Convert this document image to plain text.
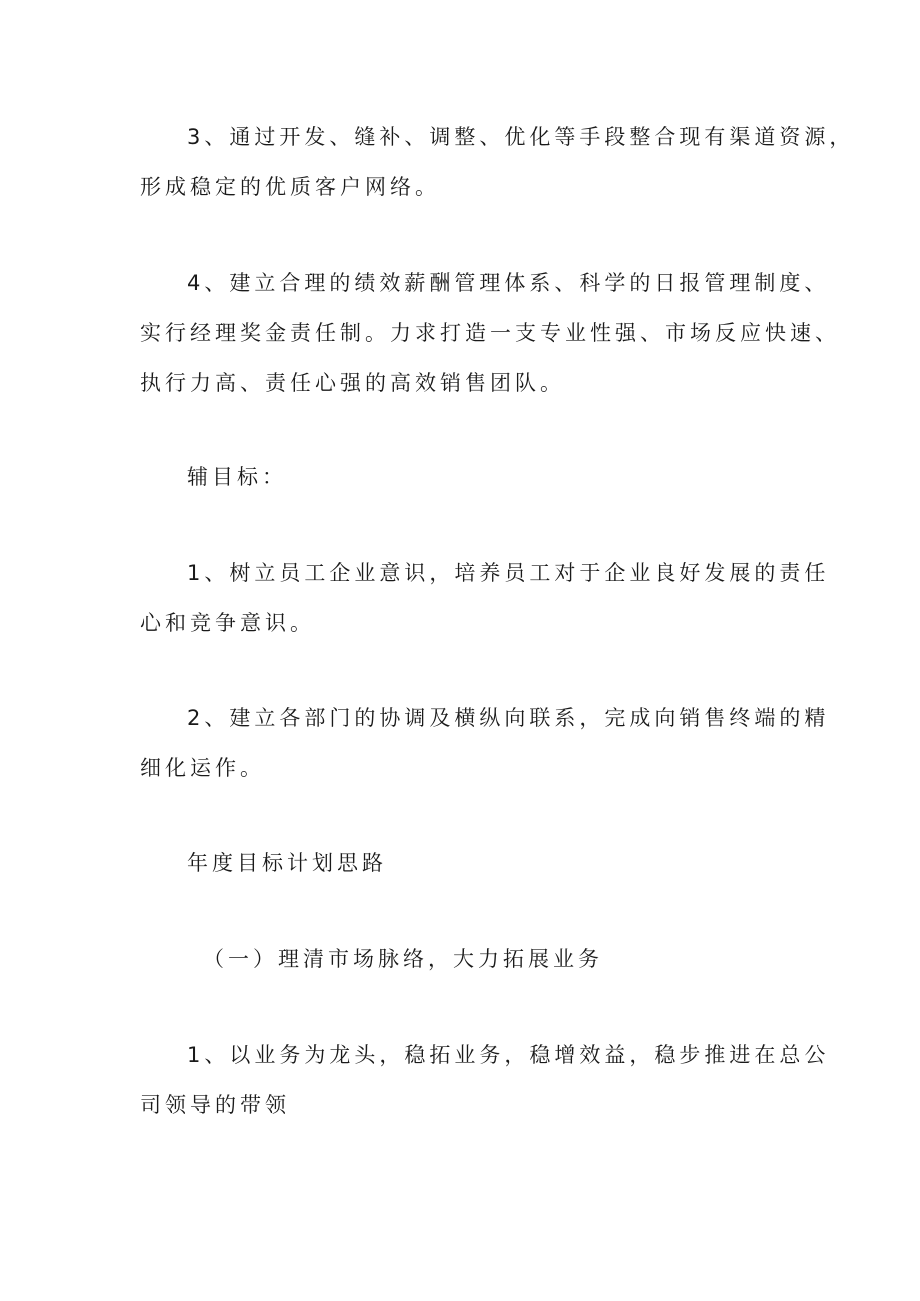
3、通过开发、缝补、调整、优化等手段整合现有渠道资源，
形成稳定的优质客户网络。

4、建立合理的绩效薪酬管理体系、科学的日报管理制度、
实行经理奖金责任制。力求打造一支专业性强、市场反应快速、
执行力高、责任心强的高效销售团队。

辅目标：

1、树立员工企业意识，培养员工对于企业良好发展的责任
心和竞争意识。

2、建立各部门的协调及横纵向联系，完成向销售终端的精
细化运作。

年度目标计划思路

（一）理清市场脉络，大力拓展业务

1、以业务为龙头，稳拓业务，稳增效益，稳步推进在总公
司领导的带领
